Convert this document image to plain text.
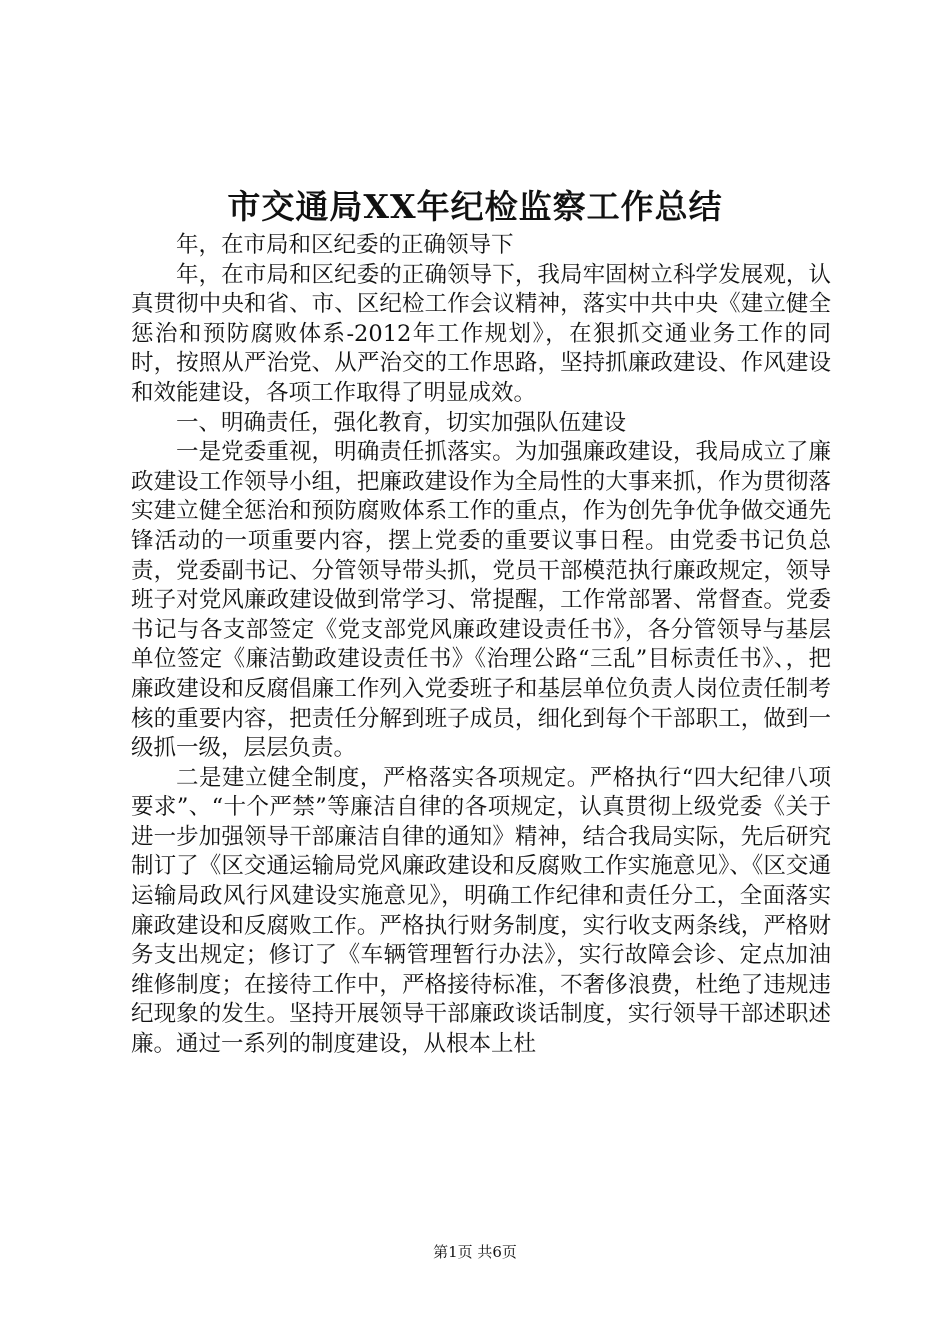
市交通局XX年纪检监察工作总结

年，在市局和区纪委的正确领导下

年，在市局和区纪委的正确领导下，我局牢固树立科学发展观，认真贯彻中央和省、市、区纪检工作会议精神，落实中共中央《建立健全惩治和预防腐败体系-2012年工作规划》，在狠抓交通业务工作的同时，按照从严治党、从严治交的工作思路，坚持抓廉政建设、作风建设和效能建设，各项工作取得了明显成效。

一、明确责任，强化教育，切实加强队伍建设

一是党委重视，明确责任抓落实。为加强廉政建设，我局成立了廉政建设工作领导小组，把廉政建设作为全局性的大事来抓，作为贯彻落实建立健全惩治和预防腐败体系工作的重点，作为创先争优争做交通先锋活动的一项重要内容，摆上党委的重要议事日程。由党委书记负总责，党委副书记、分管领导带头抓，党员干部模范执行廉政规定，领导班子对党风廉政建设做到常学习、常提醒，工作常部署、常督查。党委书记与各支部签定《党支部党风廉政建设责任书》，各分管领导与基层单位签定《廉洁勤政建设责任书》《治理公路“三乱”目标责任书》、，把廉政建设和反腐倡廉工作列入党委班子和基层单位负责人岗位责任制考核的重要内容，把责任分解到班子成员，细化到每个干部职工，做到一级抓一级，层层负责。

二是建立健全制度，严格落实各项规定。严格执行“四大纪律八项要求”、“十个严禁”等廉洁自律的各项规定，认真贯彻上级党委《关于进一步加强领导干部廉洁自律的通知》精神，结合我局实际，先后研究制订了《区交通运输局党风廉政建设和反腐败工作实施意见》、《区交通运输局政风行风建设实施意见》，明确工作纪律和责任分工，全面落实廉政建设和反腐败工作。严格执行财务制度，实行收支两条线，严格财务支出规定；修订了《车辆管理暂行办法》，实行故障会诊、定点加油维修制度；在接待工作中，严格接待标准，不奢侈浪费，杜绝了违规违纪现象的发生。坚持开展领导干部廉政谈话制度，实行领导干部述职述廉。通过一系列的制度建设，从根本上杜

第1页 共6页
